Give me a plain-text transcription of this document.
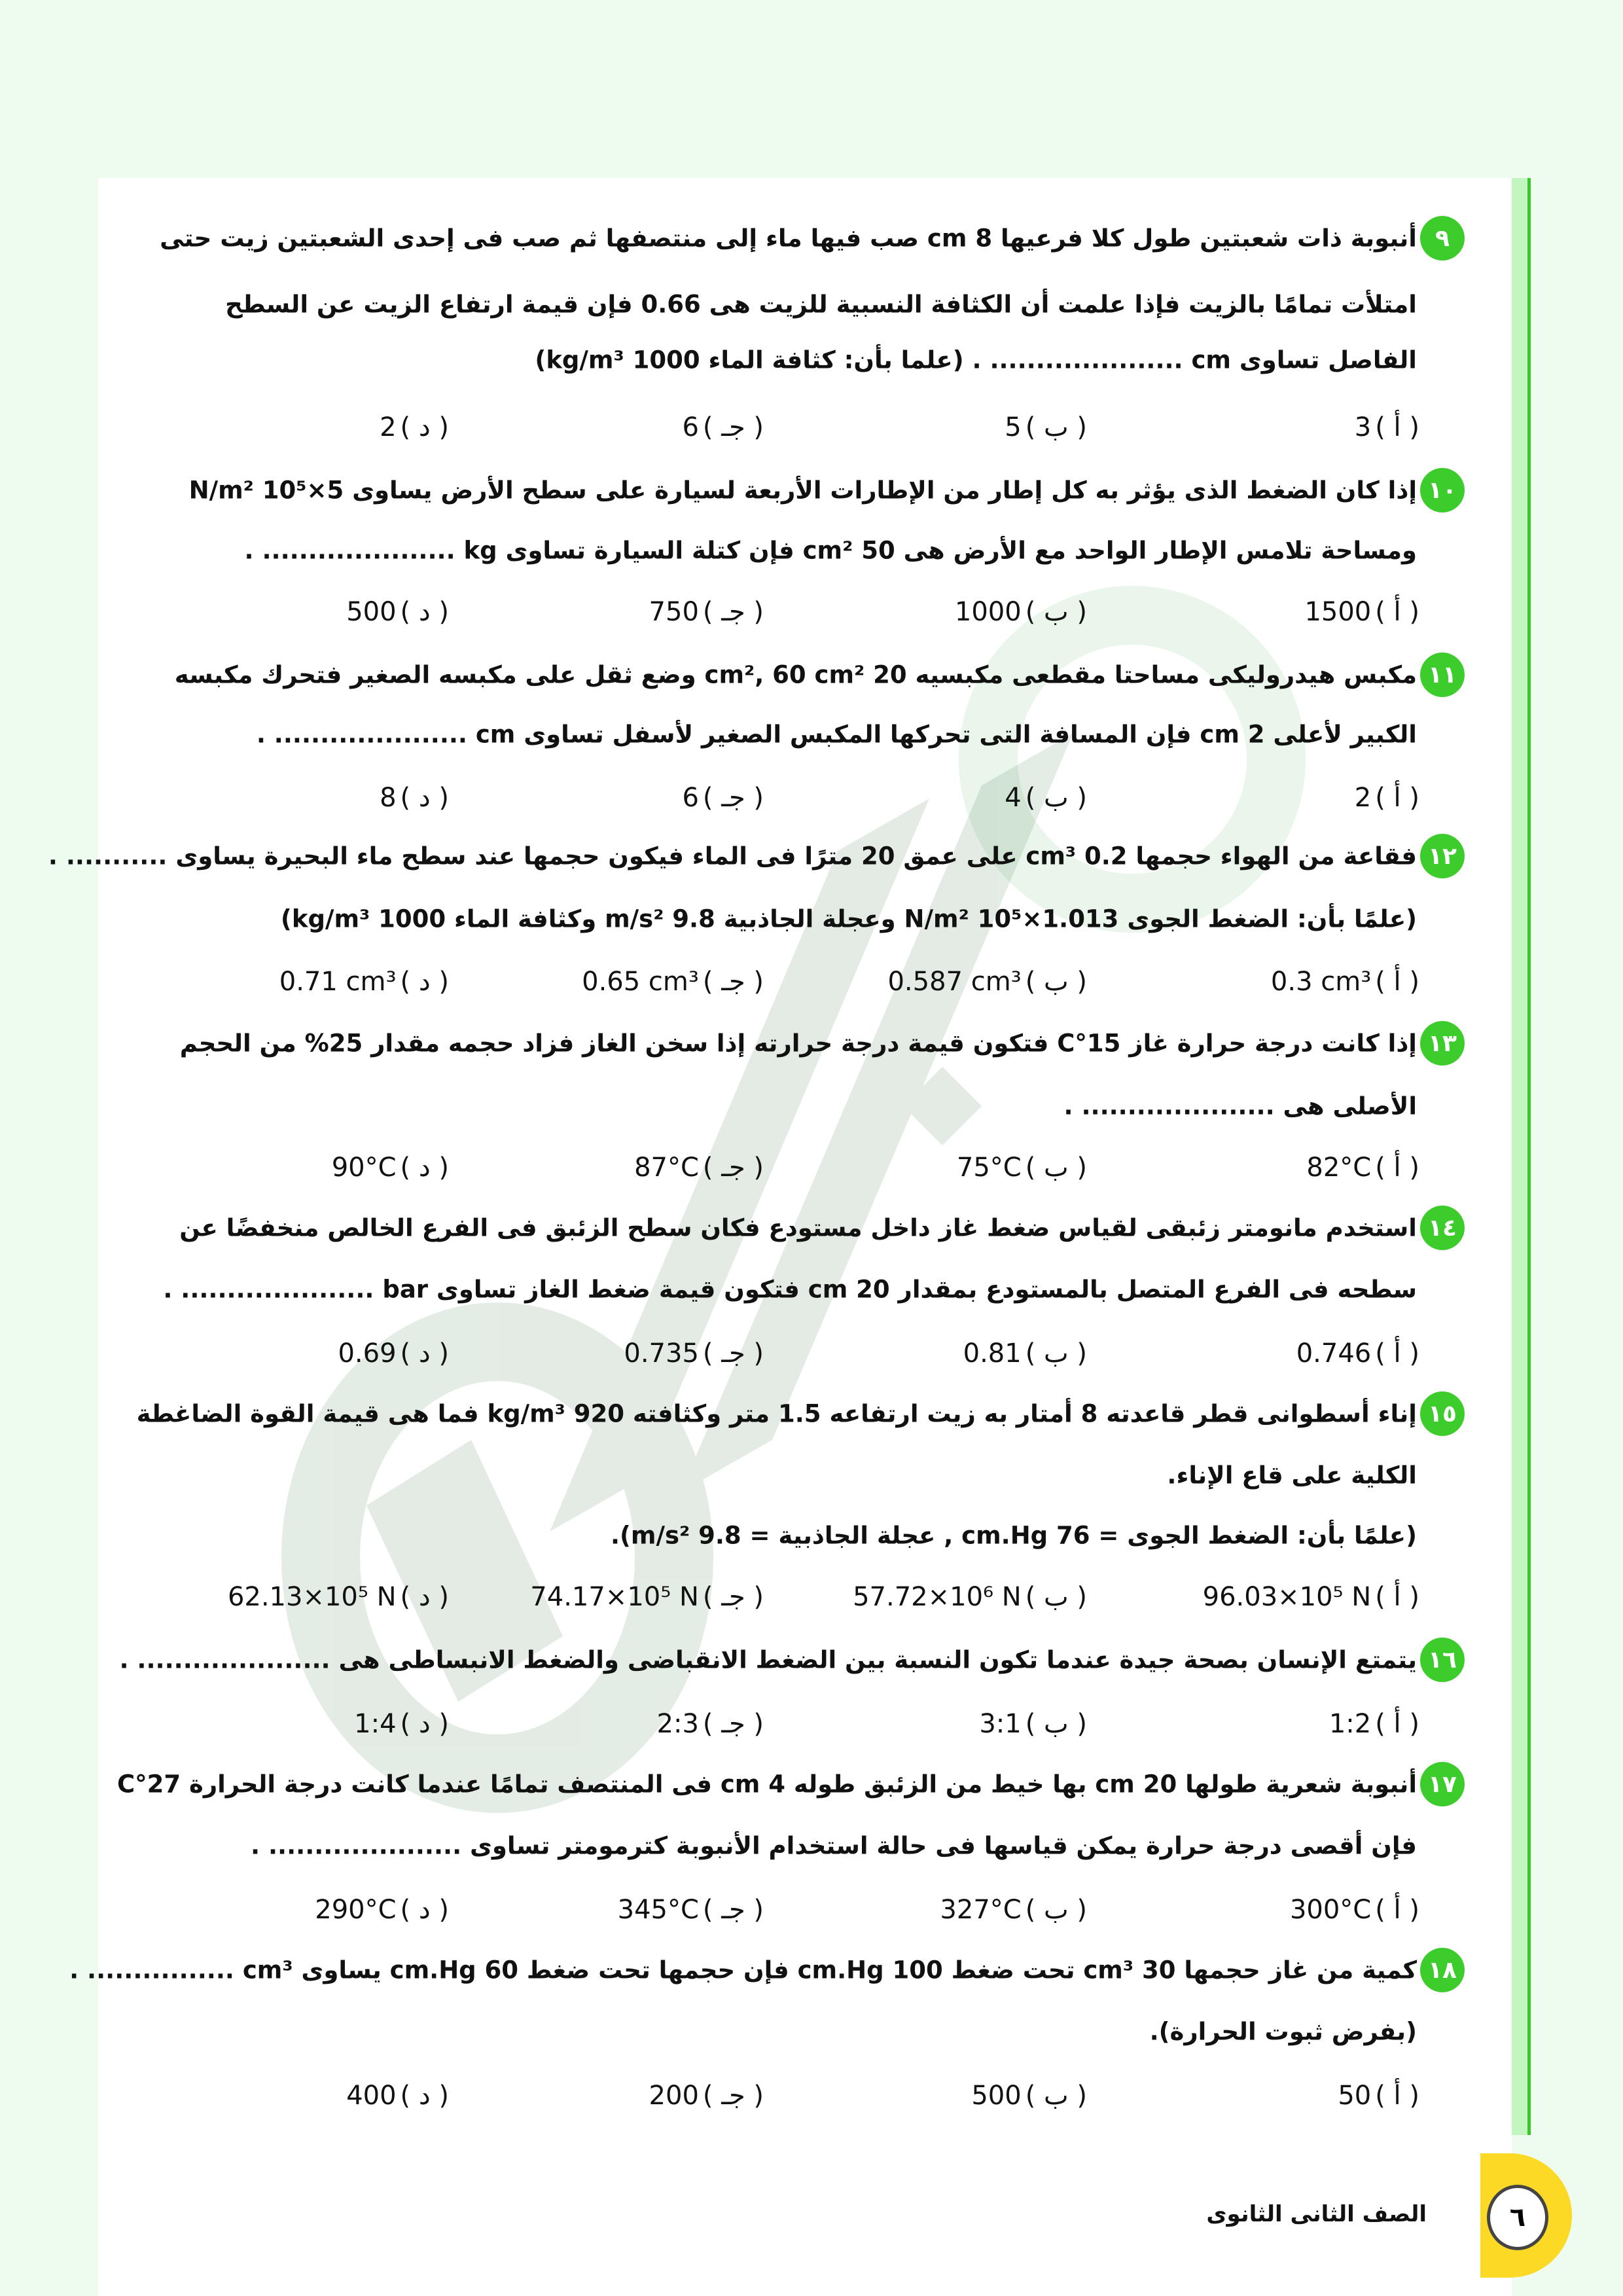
٩
أنبوبة ذات شعبتين طول كلا فرعيها 8 cm صب فيها ماء إلى منتصفها ثم صب فى إحدى الشعبتين زيت حتى
امتلأت تمامًا بالزيت فإذا علمت أن الكثافة النسبية للزيت هى 0.66 فإن قيمة ارتفاع الزيت عن السطح
الفاصل تساوى cm ..................... . (علما بأن: كثافة الماء 1000 kg/m³)
( أ )3
( ب )5
( جـ )6
( د )2
١٠
إذا كان الضغط الذى يؤثر به كل إطار من الإطارات الأربعة لسيارة على سطح الأرض يساوى 5×10⁵ N/m²
ومساحة تلامس الإطار الواحد مع الأرض هى 50 cm² فإن كتلة السيارة تساوى kg ..................... .
( أ )1500
( ب )1000
( جـ )750
( د )500
١١
مكبس هيدروليكى مساحتا مقطعى مكبسيه 20 cm², 60 cm² وضع ثقل على مكبسه الصغير فتحرك مكبسه
الكبير لأعلى 2 cm فإن المسافة التى تحركها المكبس الصغير لأسفل تساوى cm ..................... .
( أ )2
( ب )4
( جـ )6
( د )8
١٢
فقاعة من الهواء حجمها 0.2 cm³ على عمق 20 مترًا فى الماء فيكون حجمها عند سطح ماء البحيرة يساوى ........... .
(علمًا بأن: الضغط الجوى 1.013×10⁵ N/m² وعجلة الجاذبية 9.8 m/s² وكثافة الماء 1000 kg/m³)
( أ )0.3 cm³
( ب )0.587 cm³
( جـ )0.65 cm³
( د )0.71 cm³
١٣
إذا كانت درجة حرارة غاز 15°C فتكون قيمة درجة حرارته إذا سخن الغاز فزاد حجمه مقدار 25% من الحجم
الأصلى هى ..................... .
( أ )82°C
( ب )75°C
( جـ )87°C
( د )90°C
١٤
استخدم مانومتر زئبقى لقياس ضغط غاز داخل مستودع فكان سطح الزئبق فى الفرع الخالص منخفضًا عن
سطحه فى الفرع المتصل بالمستودع بمقدار 20 cm فتكون قيمة ضغط الغاز تساوى bar ..................... .
( أ )0.746
( ب )0.81
( جـ )0.735
( د )0.69
١٥
إناء أسطوانى قطر قاعدته 8 أمتار به زيت ارتفاعه 1.5 متر وكثافته 920 kg/m³ فما هى قيمة القوة الضاغطة
الكلية على قاع الإناء.
(علمًا بأن: الضغط الجوى = 76 cm.Hg , عجلة الجاذبية = 9.8 m/s²).
( أ )96.03×10⁵ N
( ب )57.72×10⁶ N
( جـ )74.17×10⁵ N
( د )62.13×10⁵ N
١٦
يتمتع الإنسان بصحة جيدة عندما تكون النسبة بين الضغط الانقباضى والضغط الانبساطى هى ..................... .
( أ )1:2
( ب )3:1
( جـ )2:3
( د )1:4
١٧
أنبوبة شعرية طولها 20 cm بها خيط من الزئبق طوله 4 cm فى المنتصف تمامًا عندما كانت درجة الحرارة 27°C
فإن أقصى درجة حرارة يمكن قياسها فى حالة استخدام الأنبوبة كترمومتر تساوى ..................... .
( أ )300°C
( ب )327°C
( جـ )345°C
( د )290°C
١٨
كمية من غاز حجمها 30 cm³ تحت ضغط 100 cm.Hg فإن حجمها تحت ضغط 60 cm.Hg يساوى cm³ ................ .
(بفرض ثبوت الحرارة).
( أ )50
( ب )500
( جـ )200
( د )400
٦
الصف الثانى الثانوى
